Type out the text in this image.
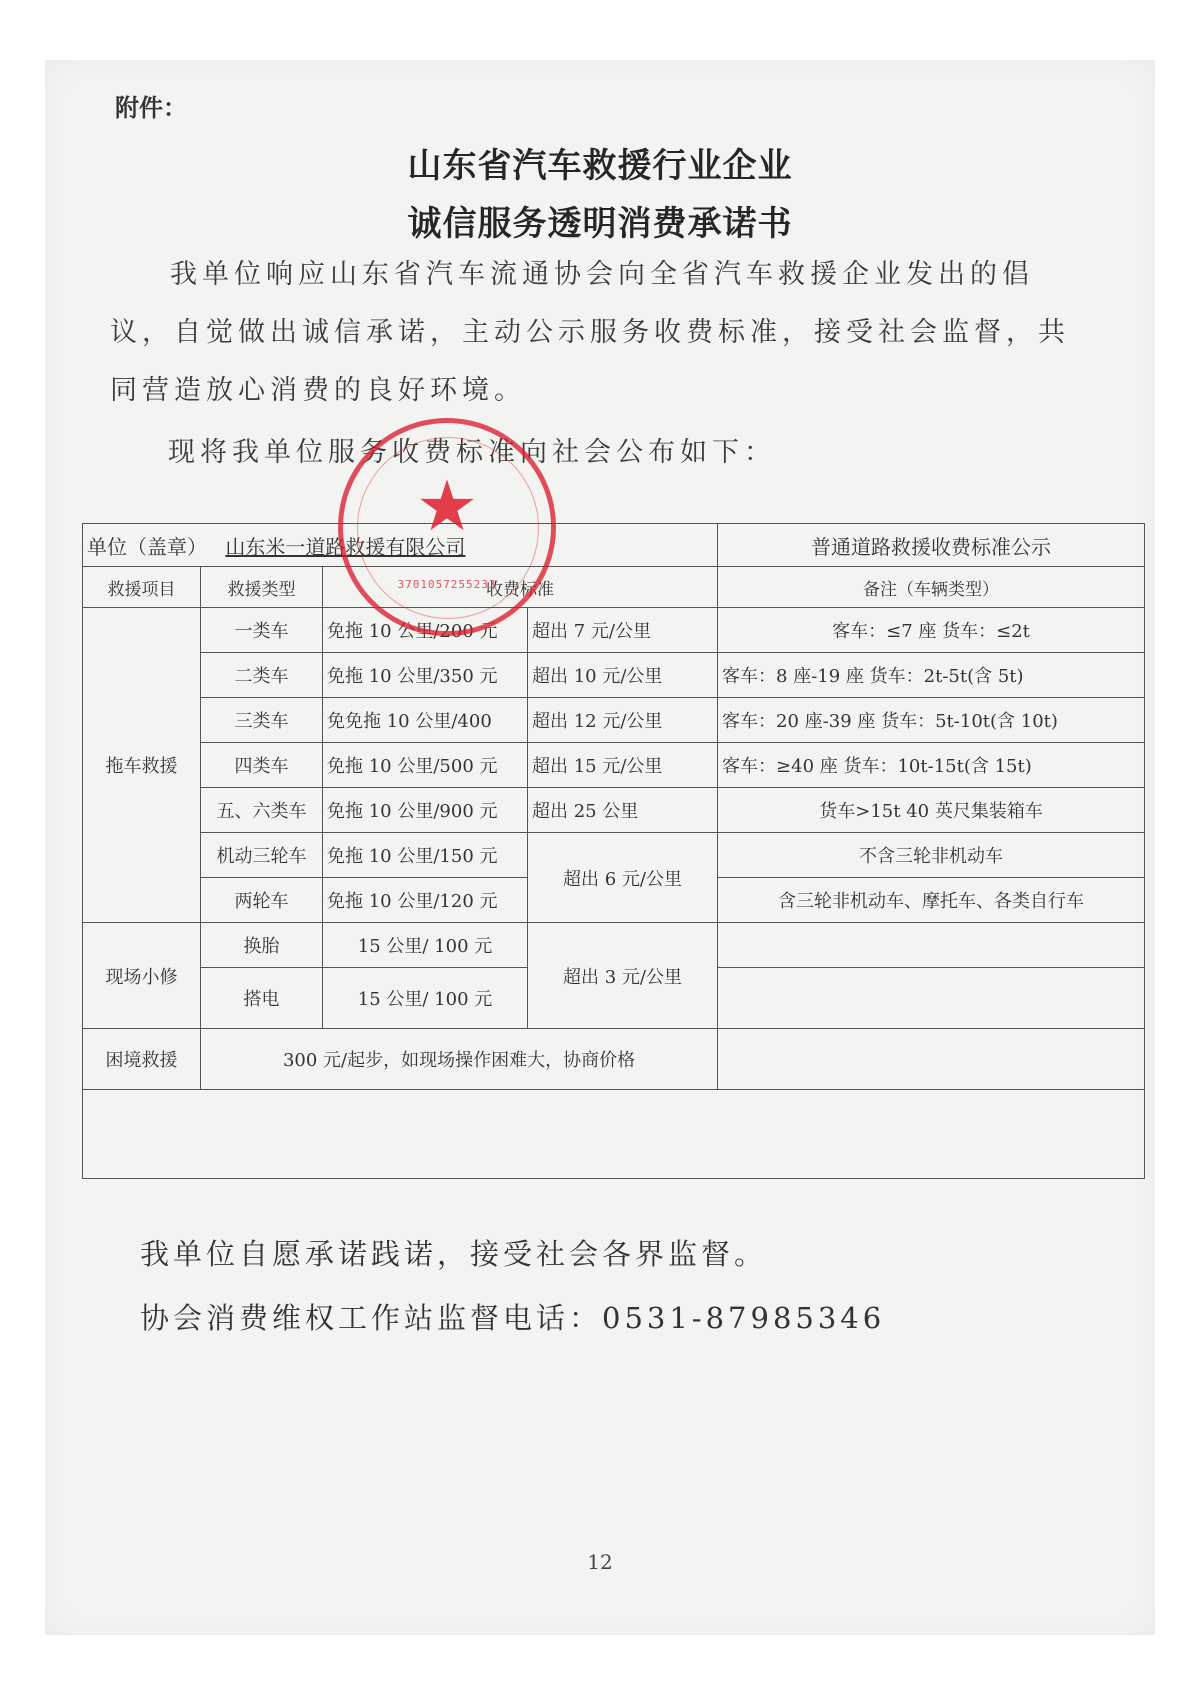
附件：
山东省汽车救援行业企业
诚信服务透明消费承诺书
我单位响应山东省汽车流通协会向全省汽车救援企业发出的倡议，自觉做出诚信承诺，主动公示服务收费标准，接受社会监督，共同营造放心消费的良好环境。
现将我单位服务收费标准向社会公布如下：
单位（盖章） 山东米一道路救援有限公司				普通道路救援收费标准公示
救援项目	救援类型	收费标准		备注（车辆类型）
拖车救援	一类车	免拖 10 公里/200 元	超出 7 元/公里	客车：≤7 座 货车：≤2t
	二类车	免拖 10 公里/350 元	超出 10 元/公里	客车：8 座-19 座 货车：2t-5t(含 5t)
	三类车	免免拖 10 公里/400	超出 12 元/公里	客车：20 座-39 座 货车：5t-10t(含 10t)
	四类车	免拖 10 公里/500 元	超出 15 元/公里	客车：≥40 座 货车：10t-15t(含 15t)
	五、六类车	免拖 10 公里/900 元	超出 25 公里	货车>15t 40 英尺集装箱车
	机动三轮车	免拖 10 公里/150 元	超出 6 元/公里	不含三轮非机动车
	两轮车	免拖 10 公里/120 元		含三轮非机动车、摩托车、各类自行车
现场小修	换胎	15 公里/ 100 元	超出 3 元/公里	
	搭电	15 公里/ 100 元		
困境救援	300 元/起步，如现场操作困难大，协商价格			

★
3701057255233
我单位自愿承诺践诺，接受社会各界监督。
协会消费维权工作站监督电话：0531-87985346
12
